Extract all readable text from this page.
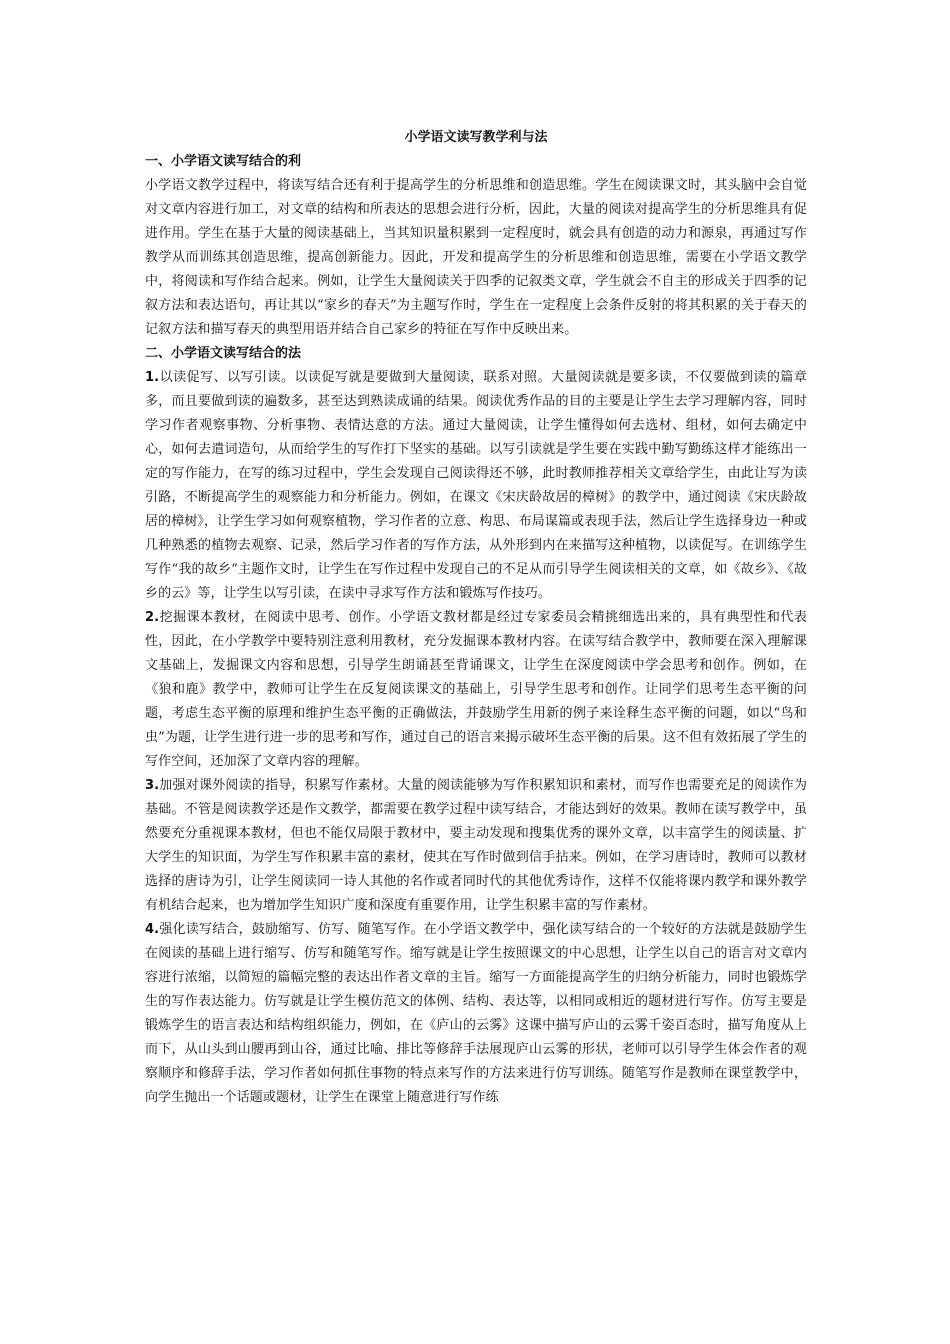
小学语文读写教学利与法

一、小学语文读写结合的利

小学语文教学过程中，将读写结合还有利于提高学生的分析思维和创造思维。学生在阅读课文时，其头脑中会自觉对文章内容进行加工，对文章的结构和所表达的思想会进行分析，因此，大量的阅读对提高学生的分析思维具有促进作用。学生在基于大量的阅读基础上，当其知识量积累到一定程度时，就会具有创造的动力和源泉，再通过写作教学从而训练其创造思维，提高创新能力。因此，开发和提高学生的分析思维和创造思维，需要在小学语文教学中，将阅读和写作结合起来。例如，让学生大量阅读关于四季的记叙类文章，学生就会不自主的形成关于四季的记叙方法和表达语句，再让其以“家乡的春天”为主题写作时，学生在一定程度上会条件反射的将其积累的关于春天的记叙方法和描写春天的典型用语并结合自己家乡的特征在写作中反映出来。

二、小学语文读写结合的法

1.以读促写、以写引读。以读促写就是要做到大量阅读，联系对照。大量阅读就是要多读，不仅要做到读的篇章多，而且要做到读的遍数多，甚至达到熟读成诵的结果。阅读优秀作品的目的主要是让学生去学习理解内容，同时学习作者观察事物、分析事物、表情达意的方法。通过大量阅读，让学生懂得如何去选材、组材，如何去确定中心，如何去遣词造句，从而给学生的写作打下坚实的基础。以写引读就是学生要在实践中勤写勤练这样才能练出一定的写作能力，在写的练习过程中，学生会发现自己阅读得还不够，此时教师推荐相关文章给学生，由此让写为读引路，不断提高学生的观察能力和分析能力。例如，在课文《宋庆龄故居的樟树》的教学中，通过阅读《宋庆龄故居的樟树》，让学生学习如何观察植物，学习作者的立意、构思、布局谋篇或表现手法，然后让学生选择身边一种或几种熟悉的植物去观察、记录，然后学习作者的写作方法，从外形到内在来描写这种植物，以读促写。在训练学生写作“我的故乡”主题作文时，让学生在写作过程中发现自己的不足从而引导学生阅读相关的文章，如《故乡》、《故乡的云》等，让学生以写引读，在读中寻求写作方法和锻炼写作技巧。

2.挖掘课本教材，在阅读中思考、创作。小学语文教材都是经过专家委员会精挑细选出来的，具有典型性和代表性，因此，在小学教学中要特别注意利用教材，充分发掘课本教材内容。在读写结合教学中，教师要在深入理解课文基础上，发掘课文内容和思想，引导学生朗诵甚至背诵课文，让学生在深度阅读中学会思考和创作。例如，在《狼和鹿》教学中，教师可让学生在反复阅读课文的基础上，引导学生思考和创作。让同学们思考生态平衡的问题，考虑生态平衡的原理和维护生态平衡的正确做法，并鼓励学生用新的例子来诠释生态平衡的问题，如以“鸟和虫”为题，让学生进行进一步的思考和写作，通过自己的语言来揭示破坏生态平衡的后果。这不但有效拓展了学生的写作空间，还加深了文章内容的理解。

3.加强对课外阅读的指导，积累写作素材。大量的阅读能够为写作积累知识和素材，而写作也需要充足的阅读作为基础。不管是阅读教学还是作文教学，都需要在教学过程中读写结合，才能达到好的效果。教师在读写教学中，虽然要充分重视课本教材，但也不能仅局限于教材中，要主动发现和搜集优秀的课外文章，以丰富学生的阅读量、扩大学生的知识面，为学生写作积累丰富的素材，使其在写作时做到信手拈来。例如，在学习唐诗时，教师可以教材选择的唐诗为引，让学生阅读同一诗人其他的名作或者同时代的其他优秀诗作，这样不仅能将课内教学和课外教学有机结合起来，也为增加学生知识广度和深度有重要作用，让学生积累丰富的写作素材。

4.强化读写结合，鼓励缩写、仿写、随笔写作。在小学语文教学中，强化读写结合的一个较好的方法就是鼓励学生在阅读的基础上进行缩写、仿写和随笔写作。缩写就是让学生按照课文的中心思想，让学生以自己的语言对文章内容进行浓缩，以简短的篇幅完整的表达出作者文章的主旨。缩写一方面能提高学生的归纳分析能力，同时也锻炼学生的写作表达能力。仿写就是让学生模仿范文的体例、结构、表达等，以相同或相近的题材进行写作。仿写主要是锻炼学生的语言表达和结构组织能力，例如，在《庐山的云雾》这课中描写庐山的云雾千姿百态时，描写角度从上而下，从山头到山腰再到山谷，通过比喻、排比等修辞手法展现庐山云雾的形状，老师可以引导学生体会作者的观察顺序和修辞手法，学习作者如何抓住事物的特点来写作的方法来进行仿写训练。随笔写作是教师在课堂教学中，向学生抛出一个话题或题材，让学生在课堂上随意进行写作练
